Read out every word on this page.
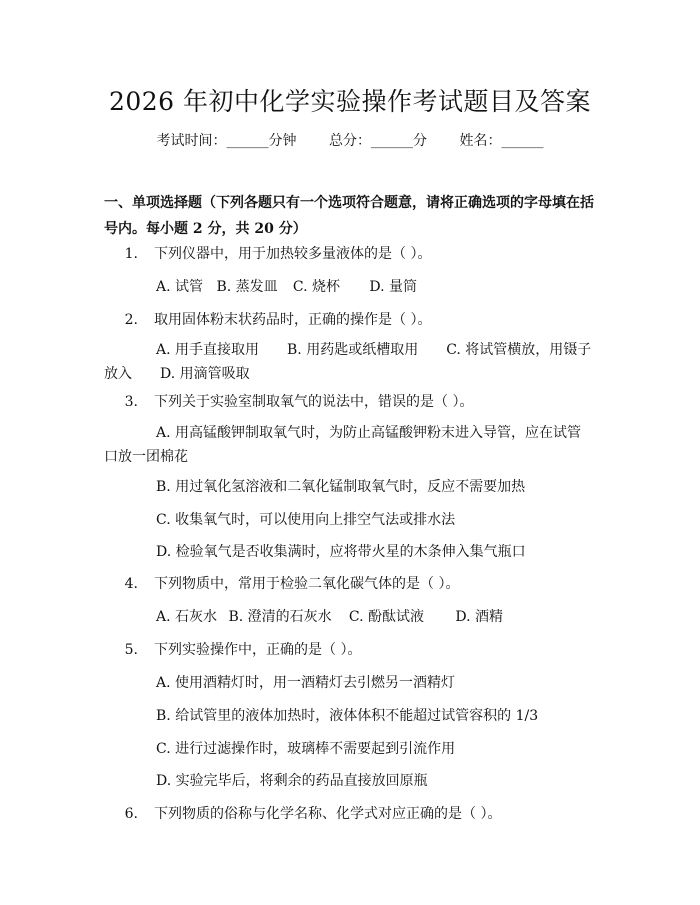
2026 年初中化学实验操作考试题目及答案
考试时间：______分钟 总分：______分 姓名：______
一、单项选择题（下列各题只有一个选项符合题意，请将正确选项的字母填在括号内。每小题 2 分，共 20 分）
1. 下列仪器中，用于加热较多量液体的是（ ）。
A. 试管 B. 蒸发皿 C. 烧杯 D. 量筒
2. 取用固体粉末状药品时，正确的操作是（ ）。
A. 用手直接取用　　B. 用药匙或纸槽取用　　C. 将试管横放，用镊子放入　　D. 用滴管吸取
3. 下列关于实验室制取氧气的说法中，错误的是（ ）。
A. 用高锰酸钾制取氧气时，为防止高锰酸钾粉末进入导管，应在试管口放一团棉花
B. 用过氧化氢溶液和二氧化锰制取氧气时，反应不需要加热
C. 收集氧气时，可以使用向上排空气法或排水法
D. 检验氧气是否收集满时，应将带火星的木条伸入集气瓶口
4. 下列物质中，常用于检验二氧化碳气体的是（ ）。
A. 石灰水 B. 澄清的石灰水 C. 酚酞试液 D. 酒精
5. 下列实验操作中，正确的是（ ）。
A. 使用酒精灯时，用一酒精灯去引燃另一酒精灯
B. 给试管里的液体加热时，液体体积不能超过试管容积的 1/3
C. 进行过滤操作时，玻璃棒不需要起到引流作用
D. 实验完毕后，将剩余的药品直接放回原瓶
6. 下列物质的俗称与化学名称、化学式对应正确的是（ ）。
